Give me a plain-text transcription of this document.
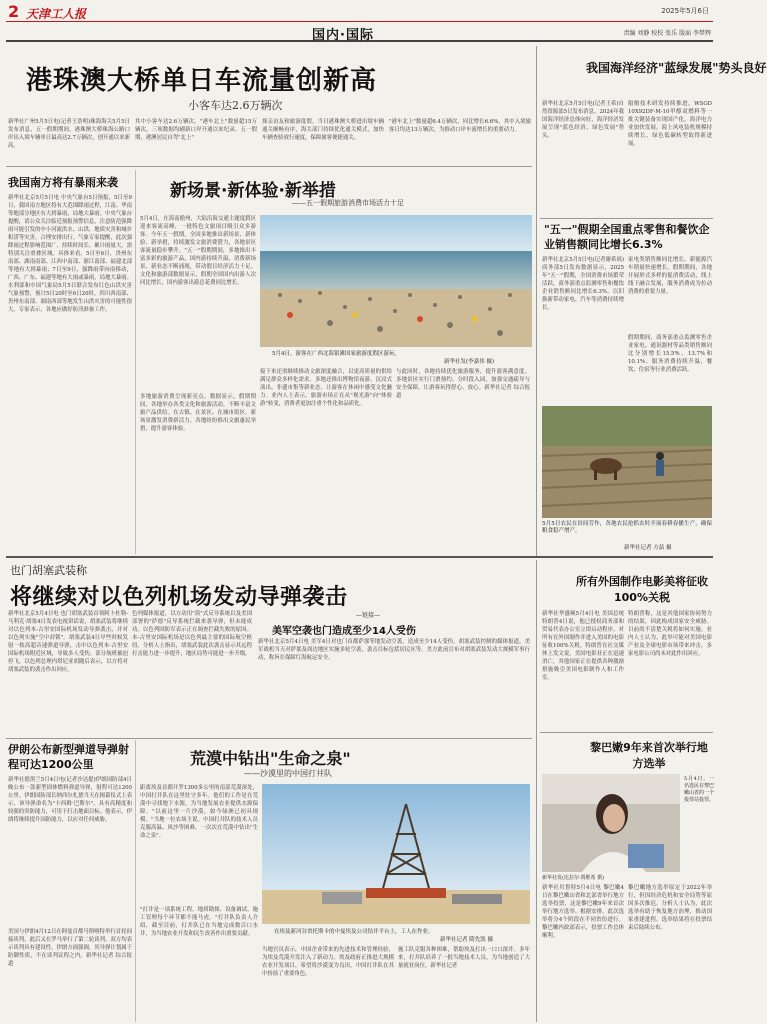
2 天津工人报	2025年5月6日
国内·国际	责编 刘静 校校 张乐 版面 李梦辉
港珠澳大桥单日车流量创新高
小客车达2.6万辆次
新华社广州5月5日电(记者王浩明)珠海海关5月5日发布消息，五一假期期间，港珠澳大桥珠海公路口岸出入境车辆单日最高达2.7万辆次，创开通以来新高。
其中小客车达2.6万辆次。"港车北上"数量超15万辆次，三项数据均刷新口岸开通以来纪录。五一假期，港澳居民自驾"北上"
探亲访友和旅游度假。当日港珠澳大桥进出境车辆通关顺畅有序，海关部门持续优化通关模式，加快车辆查验放行速度，保障旅客便捷通关。
"港车北上"数量超6.4万辆次，同比增长6.6%，其中入境旅客日均达13万辆次，为推动口岸车流增长的重要动力。
我国南方将有暴雨来袭
新华社北京5月5日电 中央气象台5日预报，5日至9日，我国南方地区将有大范围降雨过程，江南、华南等地部分地区有大到暴雨，局地大暴雨。中央气象台提醒，请公众关注临近预报预警信息，注意防范强降雨可能引发的中小河流洪水、山洪、地质灾害和城乡积涝等灾害，合理安排出行。气象专家提醒，此次强降雨过程影响范围广、持续时间长、累计雨量大，需特别关注重叠区域。具体来看，5日至6日，贵州东南部、湖南南部、江西中南部、浙江南部、福建北部等地有大到暴雨；7日至9日，强降雨带向南移动，广西、广东、福建等地有大雨或暴雨，局地大暴雨。水利部和中国气象局5月5日联合发布红色山洪灾害气象预警，预计5日20时至6日20时，四川西南部、贵州东南部、湖南西部等地发生山洪灾害的可能性很大。专家表示，各地应做好防汛准备工作。
新场景·新体验·新举措
——五一假期旅游消费市场活力十足
5月4日，在海南儋州，大陆沿海交通主题度假区迎来客流高峰，一批特色文旅项目吸引众多游客。今年五一假期，全国多地推出新场景、新体验、新举措，持续激发文旅消费潜力，各地景区客流量稳步攀升。"五一"假期期间，多地推出丰富多彩的旅游产品，国内游持续升温，消费新场景、新业态不断涌现，带动假日经济活力十足。文化和旅游部数据显示，假期全国国内出游人次同比增长，国内游客出游总花费同比增长。
多地旅游消费呈现新亮点。数据显示，假期期间，各地举办各类文化和旅游活动，不断丰富文旅产品供给。在古镇、在景区、在城市街区，新场景激发消费新活力。各地纷纷推出文旅惠民举措，提升游客体验。
5月4日，游客在广西北海银滩国家旅游度假区游玩。
新华社发(李嘉伟 摄)
接下来还需继续推动文旅深度融合，以更高质量的供给满足群众多样化需求。多地还推出博物馆夜游、沉浸式演出、非遗市集等新业态，让游客在休闲中感受文化魅力。业内人士表示，旅游市场正在从"观光游"向"体验游"转变，消费者更加注重个性化和品质化。
与此同时，各地持续优化旅游服务，提升游客满意度。多地景区实行门票预约、分时段入园，加强交通疏导与安全保障，让游客玩得舒心、放心。新华社记者 综合报道
我国海洋经济"蓝绿发展"势头良好
新华社北京5月5日电(记者王希)自然资源部5日发布消息，2024年我国海洋经济总体向好，海洋经济发展呈现"蓝色经济、绿色发展"势头。
船舶技术研发持续推进，WSGD 10X92DF-M-10甲醇双燃料等一批关键装备实现国产化。海洋电力业加快发展，海上风电装机规模持续增长，绿色低碳转型取得新进展。
"五一"假期全国重点零售和餐饮企业销售额同比增长6.3%
新华社北京5月5日电(记者谢希瑶)商务部5日发布数据显示，2025年"五一"假期，全国消费市场繁荣活跃，商务部重点监测零售和餐饮企业销售额同比增长6.3%。以旧换新带动家电、汽车等消费持续增长。
家电类销售额同比增长，新能源汽车销量快速增长。假期期间，各地开展形式多样的促消费活动，线上线下融合发展，服务消费成为拉动消费的重要力量。
假期期间，商务部重点监测零售企业家电、通讯器材等品类销售额同比分别增长15.5%、13.7%和10.1%。服务消费持续升温，餐饮、住宿等行业消费活跃。
5月5日农民在田间劳作，各地农民抢抓农时开展春耕春播生产，确保粮食稳产增产。
新华社记者 方喆 摄
也门胡塞武装称
将继续对以色列机场发动导弹袭击
新华社北京5月4日电 也门胡塞武装首领阿卜杜勒-马利克·胡塞4日发表电视讲话说，胡塞武装将继续对以色列本-古里安国际机场发动导弹袭击，并对以色列实施"空中封锁"。胡塞武装4日早些时候发射一枚高超音速弹道导弹，击中以色列本-古里安国际机场附近区域，导致多人受伤，部分航班被迫停飞。以色列总理内塔尼亚胡随后表示，以方将对胡塞武装的袭击作出回应。
色列媒体报道，以方动用"箭"式反导系统以及美国部署的"萨德"反导系统拦截来袭导弹，但未能成功。以色列国防军表示正在调查拦截失败的原因。本-古里安国际机场是以色列最主要的国际航空枢纽。分析人士指出，胡塞武装此次袭击显示其远程打击能力进一步提升，地区局势可能进一步升级。
—链接—
美军空袭也门造成至少14人受伤
新华社北京5月4日电 美军4日对也门首都萨那等地发动空袭，造成至少14人受伤。胡塞武装控制的媒体报道，美军战机当天对萨那及周边地区实施多轮空袭，袭击目标包括居民区等。美方此前宣布对胡塞武装发动大规模军事行动，称旨在保障红海航运安全。
伊朗公布新型弹道导弹射程可达1200公里
新华社德黑兰5月4日电(记者沙达提)伊朗国防部4日晚公布一款新型固体燃料弹道导弹，射程可达1200公里。伊朗国防部长纳西尔扎德当天在揭幕仪式上表示，该导弹命名为"卡西姆·巴斯尔"，具有高精度和较强的突防能力，可用于打击地面目标。他表示，伊朗将继续提升国防能力，以应对任何威胁。
美国与伊朗4月12日在阿曼首都马斯喀特举行首轮间接谈判，此后又在罗马举行了第二轮谈判。双方均表示谈判具有建设性。伊朗方面强调，其导弹计划属于防御性质，不在谈判议程之内。新华社记者 综合报道
荒漠中钻出"生命之泉"
——沙漠里的中国打井队
距离埃及首都开罗1300多公里的南部荒漠深处，中国打井队在这里驻守多年。他们的工作是在荒漠中寻找地下水源，为当地发展农业提供水源保障。"以前这里一片沙漠，如今绿洲已初具规模。"当地一位农场主说。中国打井队的技术人员克服高温、风沙等困难，一次次在荒漠中钻出"生命之泉"。
"打井是一项系统工程，地质勘探、设备调试、施工管理每个环节都不能马虎。"打井队负责人介绍，截至目前，打井队已在当地完成数百口水井，为当地农业开发和民生改善作出重要贡献。	在埃及新河谷省托斯卡的中曼埃及公司钻井平台上，工人在作业。
新华社记者 隋先凯 摄
当地官员表示，中国企业带来的先进技术和管理经验，为埃及荒漠开发注入了新动力。埃及政府正推进大规模农业开发项目，希望将沙漠变为良田，中国打井队在其中扮演了重要角色。
施工队克服各种困难，帮助埃及打出一口口深井。多年来，打井队培养了一批当地技术人员，为当地创造了大量就业岗位。新华社记者
所有外国制作电影美将征收100%关税
新华社华盛顿5月4日电 美国总统特朗普4日说，他已授权商务部和贸易代表办公室立即启动程序，对所有在外国制作并进入美国的电影征收100%关税。特朗普在社交媒体上发文说，美国电影业正在迅速消亡，其他国家正在提供各种激励措施吸引美国电影制作人和工作室。
特朗普称，这是其他国家协同努力的结果，因此构成国家安全威胁。目前尚不清楚关税将如何实施。业内人士认为，此举可能对美国电影产业及全球电影市场带来冲击，多家电影公司尚未对此作出回应。
黎巴嫩9年来首次举行地方选举
5月4日，一名选民在黎巴嫩山省的一个投票站投票。
新华社发(比拉尔·贾维希 摄)
新华社贝鲁特5月4日电 黎巴嫩4日在黎巴嫩山省和北部省举行地方选举投票，这是黎巴嫩9年来首次举行地方选举。根据安排，此次选举将分4个阶段在不同省份进行。黎巴嫩内政部表示，投票工作总体顺利。
黎巴嫩地方选举原定于2022年举行，但因经济危机和安全局势等原因多次推迟。分析人士认为，此次选举有助于恢复地方治理，推动国家重建进程。选举结果将在投票结束后陆续公布。
